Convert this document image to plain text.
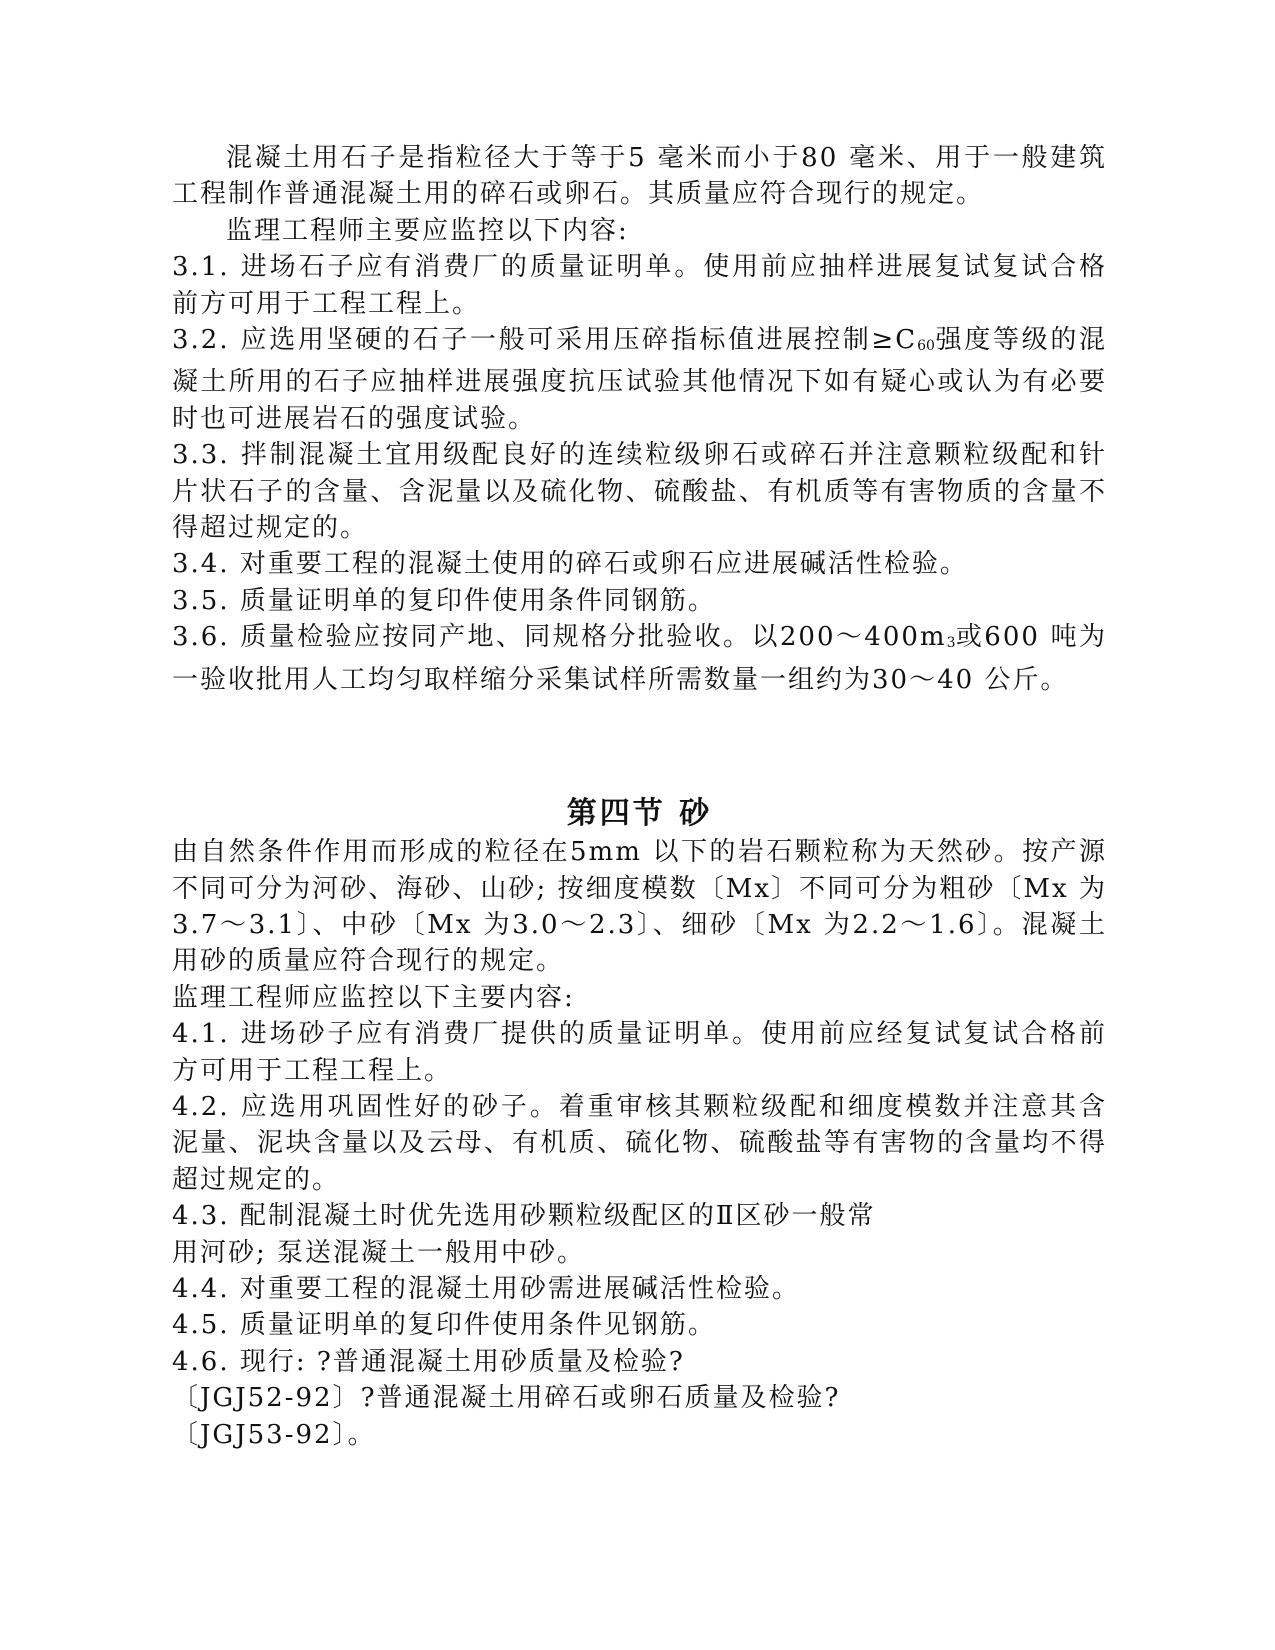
混凝土用石子是指粒径大于等于5 毫米而小于80 毫米、用于一般建筑工程制作普通混凝土用的碎石或卵石。其质量应符合现行的规定。

监理工程师主要应监控以下内容:

3.1. 进场石子应有消费厂的质量证明单。使用前应抽样进展复试复试合格前方可用于工程工程上。

3.2. 应选用坚硬的石子一般可采用压碎指标值进展控制$\ge C_{60}$强度等级的混凝土所用的石子应抽样进展强度抗压试验其他情况下如有疑心或认为有必要时也可进展岩石的强度试验。

3.3. 拌制混凝土宜用级配良好的连续粒级卵石或碎石并注意颗粒级配和针片状石子的含量、含泥量以及硫化物、硫酸盐、有机质等有害物质的含量不得超过规定的。

3.4. 对重要工程的混凝土使用的碎石或卵石应进展碱活性检验。

3.5. 质量证明单的复印件使用条件同钢筋。

3.6. 质量检验应按同产地、同规格分批验收。以$200\sim 400m_3$或600 吨为一验收批用人工均匀取样缩分采集试样所需数量一组约为30～40 公斤。

第四节 砂

由自然条件作用而形成的粒径在5mm 以下的岩石颗粒称为天然砂。按产源不同可分为河砂、海砂、山砂; 按细度模数〔Mx〕不同可分为粗砂〔Mx 为3.7～3.1〕、中砂〔Mx 为3.0～2.3〕、细砂〔Mx 为2.2～1.6〕。混凝土用砂的质量应符合现行的规定。

监理工程师应监控以下主要内容:

4.1. 进场砂子应有消费厂提供的质量证明单。使用前应经复试复试合格前方可用于工程工程上。

4.2. 应选用巩固性好的砂子。着重审核其颗粒级配和细度模数并注意其含泥量、泥块含量以及云母、有机质、硫化物、硫酸盐等有害物的含量均不得超过规定的。

4.3. 配制混凝土时优先选用砂颗粒级配区的Ⅱ区砂一般常

用河砂; 泵送混凝土一般用中砂。

4.4. 对重要工程的混凝土用砂需进展碱活性检验。

4.5. 质量证明单的复印件使用条件见钢筋。

4.6. 现行: ?普通混凝土用砂质量及检验?

〔JGJ52-92〕?普通混凝土用碎石或卵石质量及检验?

〔JGJ53-92〕。
